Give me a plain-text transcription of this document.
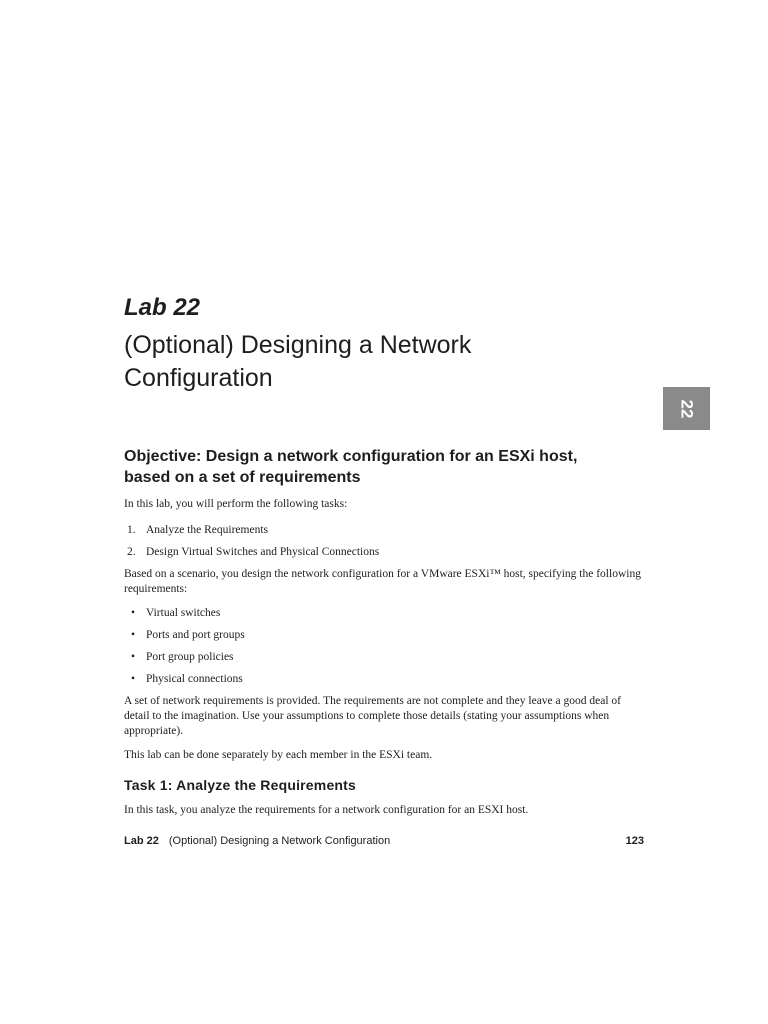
Lab 22
(Optional) Designing a Network Configuration
22
Objective: Design a network configuration for an ESXi host, based on a set of requirements

In this lab, you will perform the following tasks:

1. Analyze the Requirements

2. Design Virtual Switches and Physical Connections

Based on a scenario, you design the network configuration for a VMware ESXi™ host, specifying the following requirements:

• Virtual switches

• Ports and port groups

• Port group policies

• Physical connections

A set of network requirements is provided. The requirements are not complete and they leave a good deal of detail to the imagination. Use your assumptions to complete those details (stating your assumptions when appropriate).

This lab can be done separately by each member in the ESXi team.

Task 1: Analyze the Requirements

In this task, you analyze the requirements for a network configuration for an ESXI host.

Lab 22 (Optional) Designing a Network Configuration	123
